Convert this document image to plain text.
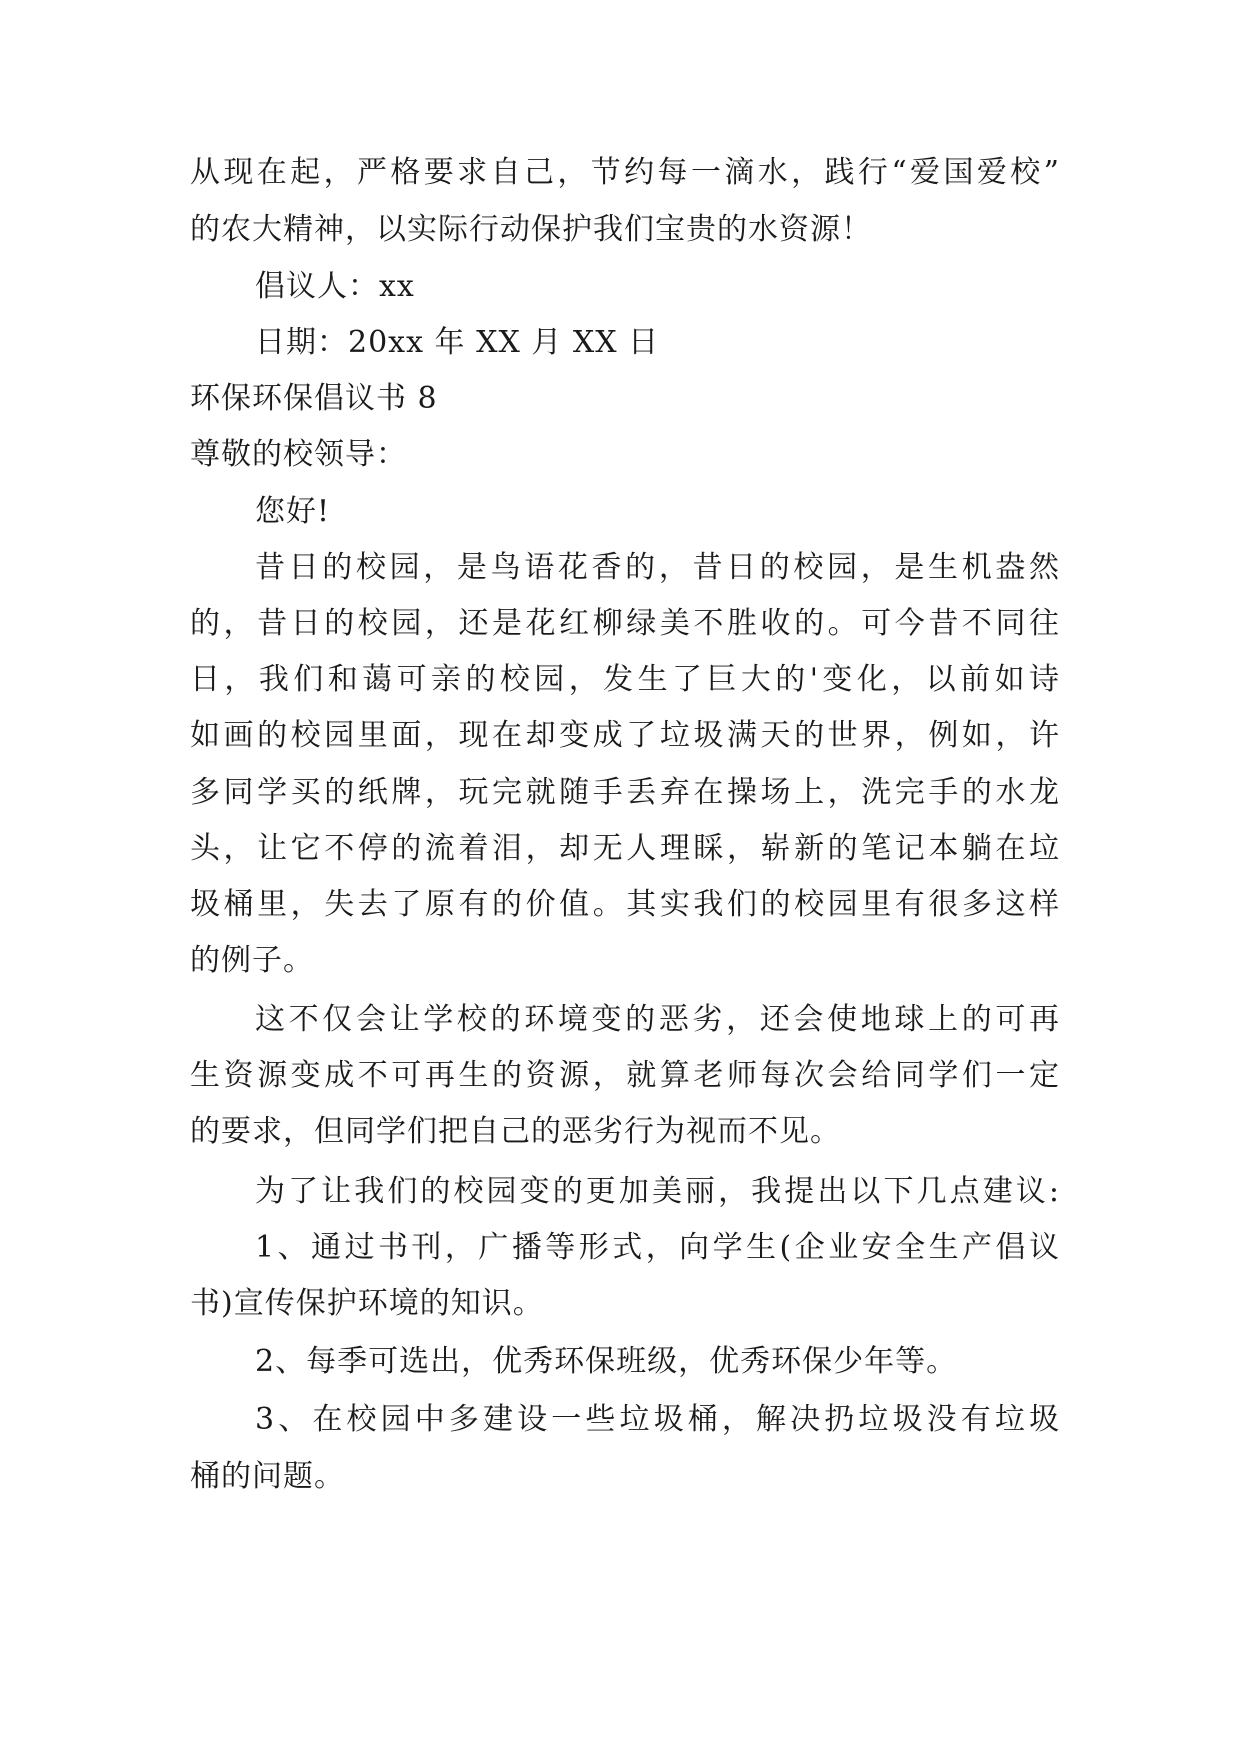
从现在起，严格要求自己，节约每一滴水，践行“爱国爱校”
的农大精神，以实际行动保护我们宝贵的水资源！
倡议人：xx
日期：20xx 年 XX 月 XX 日
环保环保倡议书 8
尊敬的校领导：
您好!
昔日的校园，是鸟语花香的，昔日的校园，是生机盎然
的，昔日的校园，还是花红柳绿美不胜收的。可今昔不同往
日，我们和蔼可亲的校园，发生了巨大的'变化，以前如诗
如画的校园里面，现在却变成了垃圾满天的世界，例如，许
多同学买的纸牌，玩完就随手丢弃在操场上，洗完手的水龙
头，让它不停的流着泪，却无人理睬，崭新的笔记本躺在垃
圾桶里，失去了原有的价值。其实我们的校园里有很多这样
的例子。
这不仅会让学校的环境变的恶劣，还会使地球上的可再
生资源变成不可再生的资源，就算老师每次会给同学们一定
的要求，但同学们把自己的恶劣行为视而不见。
为了让我们的校园变的更加美丽，我提出以下几点建议:
1、通过书刊，广播等形式，向学生(企业安全生产倡议
书)宣传保护环境的知识。
2、每季可选出，优秀环保班级，优秀环保少年等。
3、在校园中多建设一些垃圾桶，解决扔垃圾没有垃圾
桶的问题。
